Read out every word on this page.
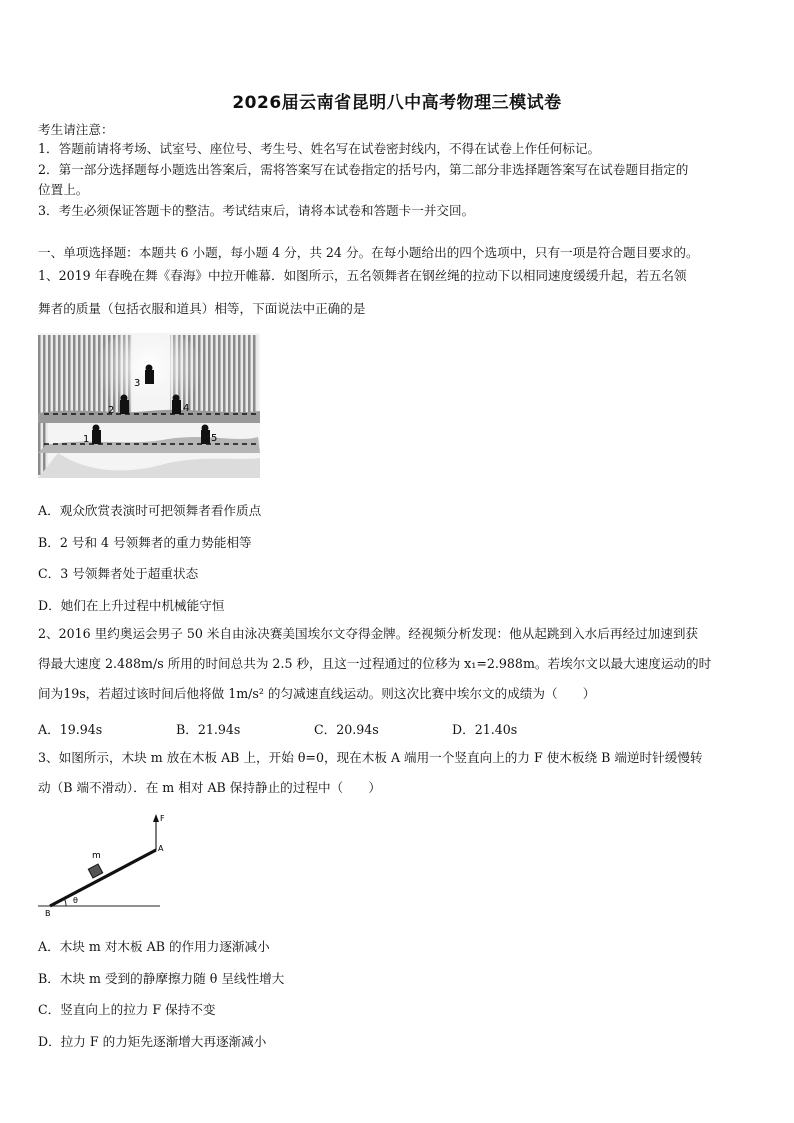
2026届云南省昆明八中高考物理三模试卷
考生请注意：
1．答题前请将考场、试室号、座位号、考生号、姓名写在试卷密封线内，不得在试卷上作任何标记。
2．第一部分选择题每小题选出答案后，需将答案写在试卷指定的括号内，第二部分非选择题答案写在试卷题目指定的
位置上。
3．考生必须保证答题卡的整洁。考试结束后，请将本试卷和答题卡一并交回。
一、单项选择题：本题共 6 小题，每小题 4 分，共 24 分。在每小题给出的四个选项中，只有一项是符合题目要求的。
1、2019 年春晚在舞《春海》中拉开帷幕．如图所示，五名领舞者在钢丝绳的拉动下以相同速度缓缓升起，若五名领
舞者的质量（包括衣服和道具）相等，下面说法中正确的是
3
2	4
1	5
A．观众欣赏表演时可把领舞者看作质点
B．2 号和 4 号领舞者的重力势能相等
C．3 号领舞者处于超重状态
D．她们在上升过程中机械能守恒
2、2016 里约奥运会男子 50 米自由泳决赛美国埃尔文夺得金牌。经视频分析发现：他从起跳到入水后再经过加速到获
得最大速度 2.488m/s 所用的时间总共为 2.5 秒，且这一过程通过的位移为 x₁=2.988m。若埃尔文以最大速度运动的时
间为19s，若超过该时间后他将做 1m/s² 的匀减速直线运动。则这次比赛中埃尔文的成绩为（　　）
A．19.94s	B．21.94s	C．20.94s	D．21.40s
3、如图所示，木块 m 放在木板 AB 上，开始 θ=0，现在木板 A 端用一个竖直向上的力 F 使木板绕 B 端逆时针缓慢转
动（B 端不滑动）．在 m 相对 AB 保持静止的过程中（　　）
F
m
A
B
θ
A．木块 m 对木板 AB 的作用力逐渐减小
B．木块 m 受到的静摩擦力随 θ 呈线性增大
C．竖直向上的拉力 F 保持不变
D．拉力 F 的力矩先逐渐增大再逐渐减小
